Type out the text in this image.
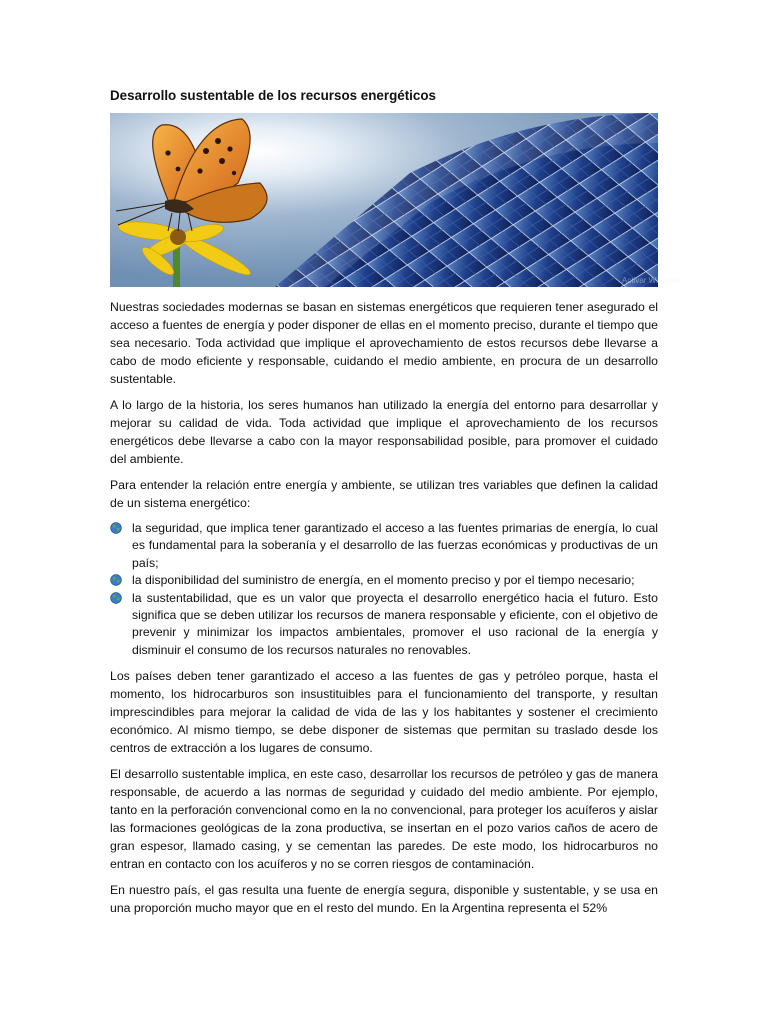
Desarrollo sustentable de los recursos energéticos
Activar Windows

Nuestras sociedades modernas se basan en sistemas energéticos que requieren tener asegurado el acceso a fuentes de energía y poder disponer de ellas en el momento preciso, durante el tiempo que sea necesario. Toda actividad que implique el aprovechamiento de estos recursos debe llevarse a cabo de modo eficiente y responsable, cuidando el medio ambiente, en procura de un desarrollo sustentable.

A lo largo de la historia, los seres humanos han utilizado la energía del entorno para desarrollar y mejorar su calidad de vida. Toda actividad que implique el aprovechamiento de los recursos energéticos debe llevarse a cabo con la mayor responsabilidad posible, para promover el cuidado del ambiente.

Para entender la relación entre energía y ambiente, se utilizan tres variables que definen la calidad de un sistema energético:

la seguridad, que implica tener garantizado el acceso a las fuentes primarias de energía, lo cual es fundamental para la soberanía y el desarrollo de las fuerzas económicas y productivas de un país;
la disponibilidad del suministro de energía, en el momento preciso y por el tiempo necesario;
la sustentabilidad, que es un valor que proyecta el desarrollo energético hacia el futuro. Esto significa que se deben utilizar los recursos de manera responsable y eficiente, con el objetivo de prevenir y minimizar los impactos ambientales, promover el uso racional de la energía y disminuir el consumo de los recursos naturales no renovables.

Los países deben tener garantizado el acceso a las fuentes de gas y petróleo porque, hasta el momento, los hidrocarburos son insustituibles para el funcionamiento del transporte, y resultan imprescindibles para mejorar la calidad de vida de las y los habitantes y sostener el crecimiento económico. Al mismo tiempo, se debe disponer de sistemas que permitan su traslado desde los centros de extracción a los lugares de consumo.

El desarrollo sustentable implica, en este caso, desarrollar los recursos de petróleo y gas de manera responsable, de acuerdo a las normas de seguridad y cuidado del medio ambiente. Por ejemplo, tanto en la perforación convencional como en la no convencional, para proteger los acuíferos y aislar las formaciones geológicas de la zona productiva, se insertan en el pozo varios caños de acero de gran espesor, llamado casing, y se cementan las paredes. De este modo, los hidrocarburos no entran en contacto con los acuíferos y no se corren riesgos de contaminación.

En nuestro país, el gas resulta una fuente de energía segura, disponible y sustentable, y se usa en una proporción mucho mayor que en el resto del mundo. En la Argentina representa el 52%
